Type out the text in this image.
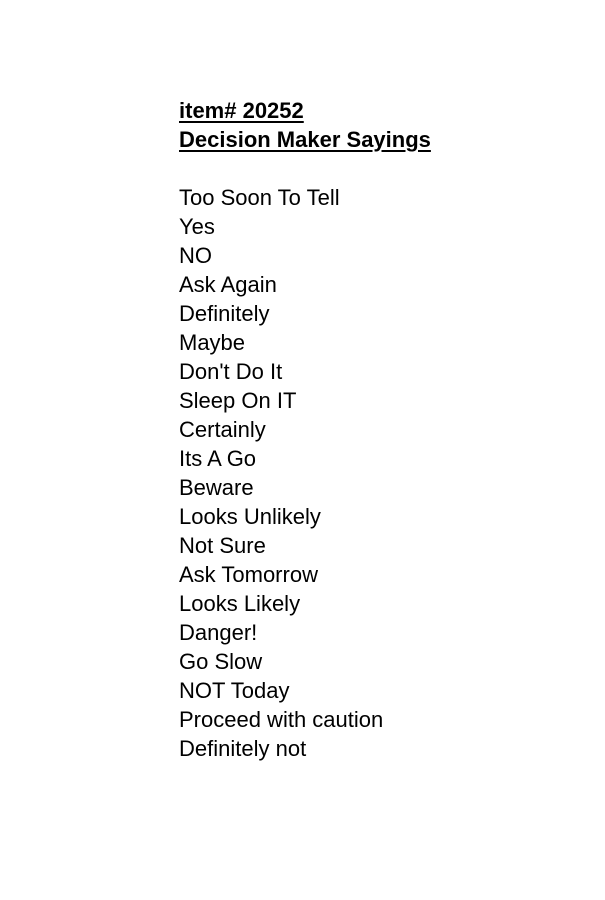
item# 20252
Decision Maker Sayings
Too Soon To Tell
Yes
NO
Ask Again
Definitely
Maybe
Don't Do It
Sleep On IT
Certainly
Its A Go
Beware
Looks Unlikely
Not Sure
Ask Tomorrow
Looks Likely
Danger!
Go Slow
NOT Today
Proceed with caution
Definitely not
